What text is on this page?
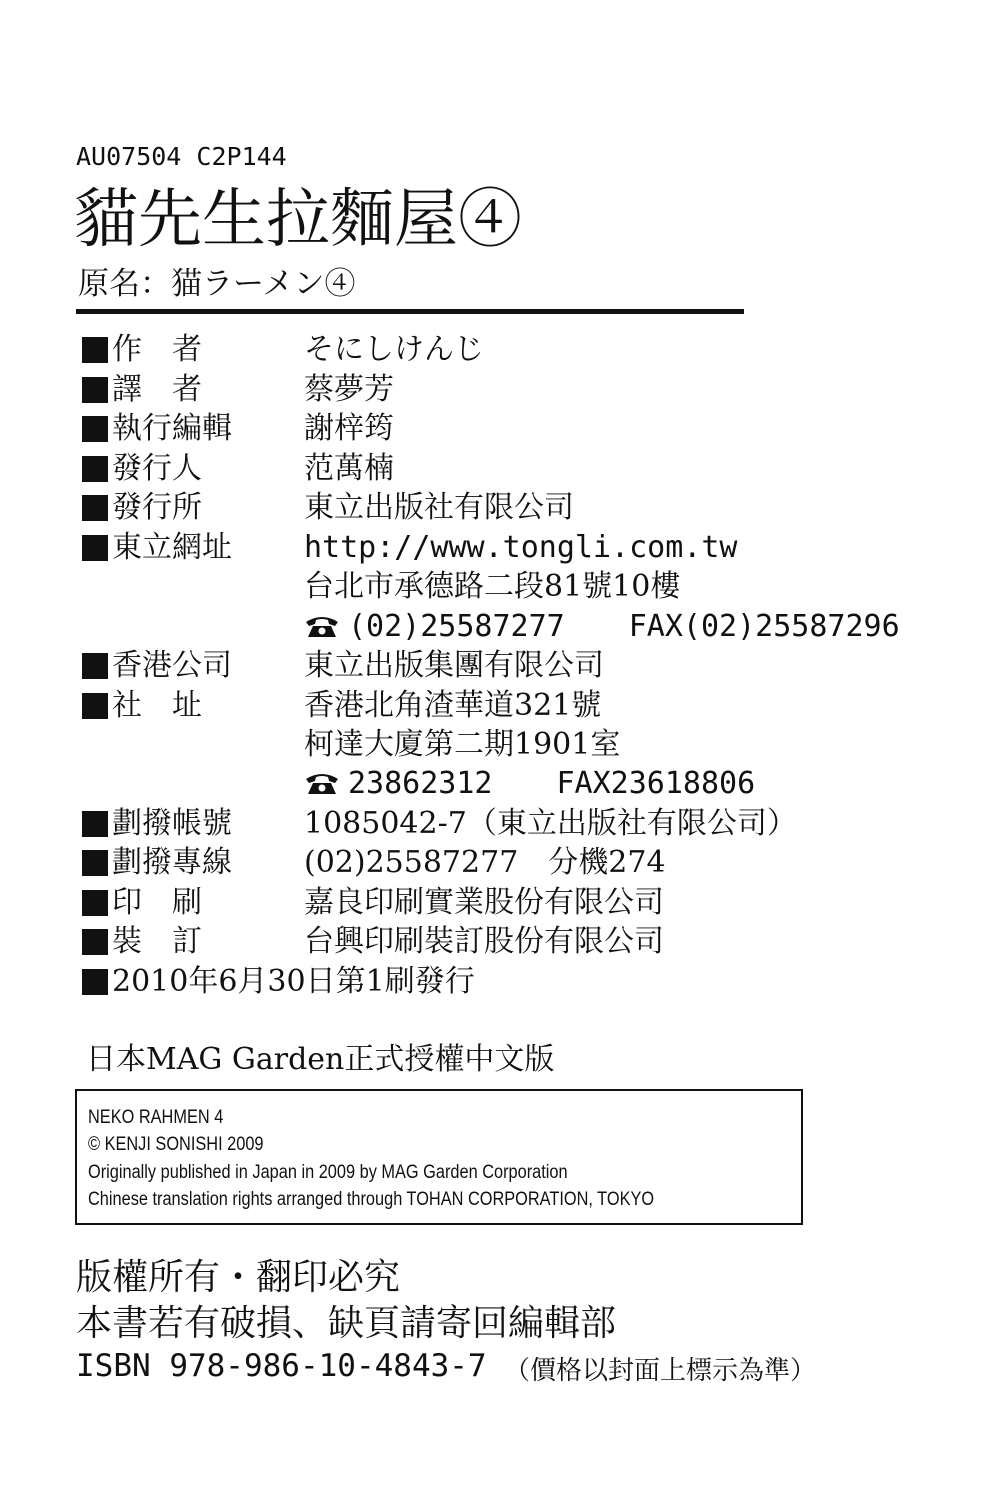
AU07504 C2P144
貓先生拉麵屋④
原名：猫ラーメン④
作　者	そにしけんじ
譯　者	蔡夢芳
執行編輯	謝梓筠
發行人	范萬楠
發行所	東立出版社有限公司
東立網址	http://www.tongli.com.tw
台北市承德路二段81號10樓
(02)25587277 FAX(02)25587296
香港公司	東立出版集團有限公司
社　址	香港北角渣華道321號
柯達大廈第二期1901室
23862312 FAX23618806
劃撥帳號	1085042-7（東立出版社有限公司）
劃撥專線	(02)25587277　分機274
印　刷	嘉良印刷實業股份有限公司
裝　訂	台興印刷裝訂股份有限公司
2010年6月30日第1刷發行
日本MAG Garden正式授權中文版
NEKO RAHMEN 4
© KENJI SONISHI 2009
Originally published in Japan in 2009 by MAG Garden Corporation
Chinese translation rights arranged through TOHAN CORPORATION, TOKYO
版權所有・翻印必究
本書若有破損、缺頁請寄回編輯部
ISBN 978-986-10-4843-7 （價格以封面上標示為準）
